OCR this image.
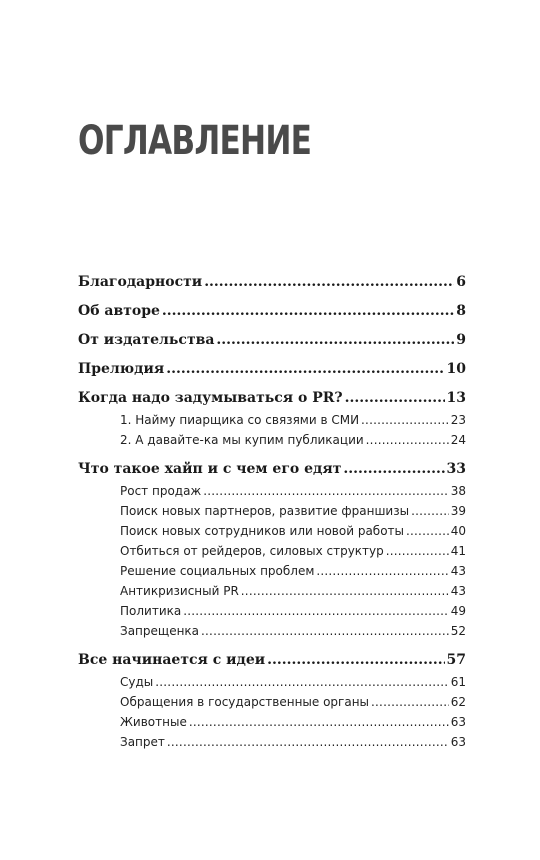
ОГЛАВЛЕНИЕ
Благодарности .....	6
Об авторе .....	8
От издательства .....	9
Прелюдия .....	10
Когда надо задумываться о PR? .....	13
1. Найму пиарщика со связями в СМИ .....	23
2. А давайте-ка мы купим публикации .....	24
Что такое хайп и с чем его едят .....	33
Рост продаж .....	38
Поиск новых партнеров, развитие франшизы .....	39
Поиск новых сотрудников или новой работы .....	40
Отбиться от рейдеров, силовых структур .....	41
Решение социальных проблем .....	43
Антикризисный PR .....	43
Политика .....	49
Запрещенка .....	52
Все начинается с идеи .....	57
Суды .....	61
Обращения в государственные органы .....	62
Животные .....	63
Запрет .....	63
